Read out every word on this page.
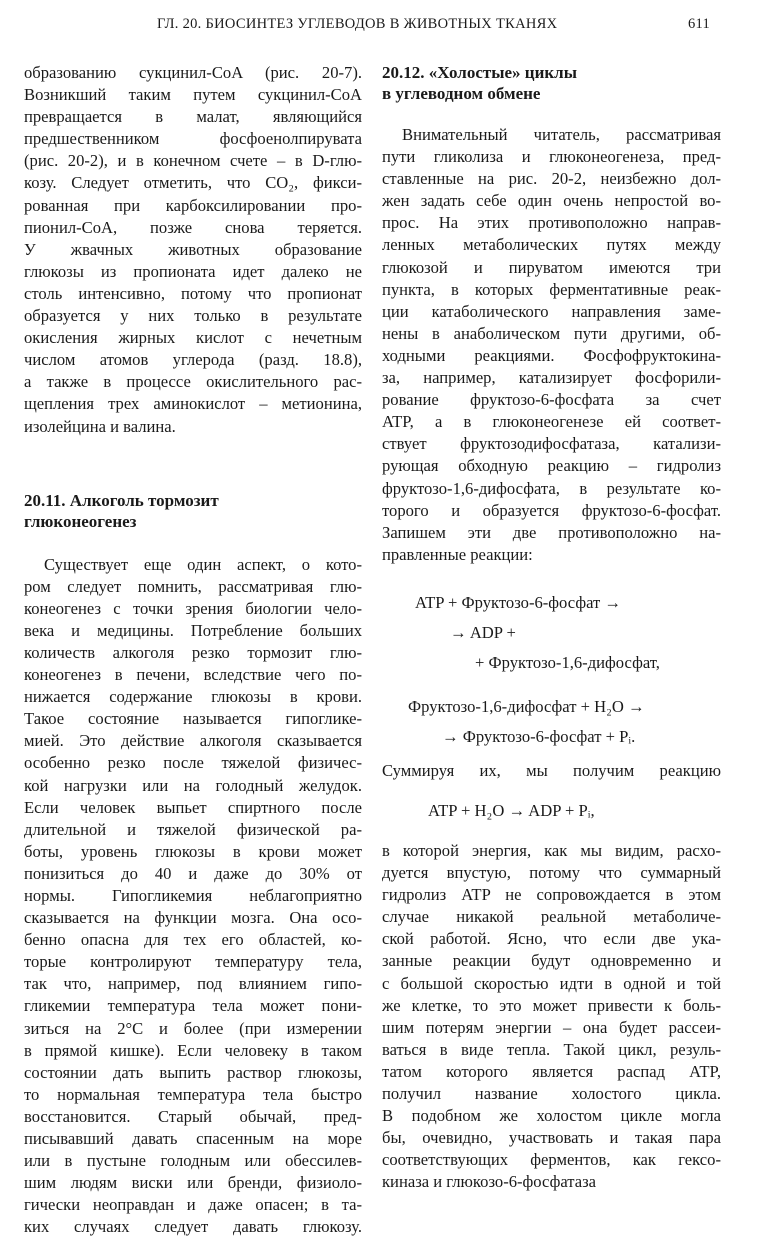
ГЛ. 20. БИОСИНТЕЗ УГЛЕВОДОВ В ЖИВОТНЫХ ТКАНЯХ	611
образованию сукцинил-CoA (рис. 20-7).
Возникший таким путем сукцинил-CoA
превращается в малат, являющийся
предшественником фосфоенолпирувата
(рис. 20-2), и в конечном счете – в D-глю-
козу. Следует отметить, что CO₂, фикси-
рованная при карбоксилировании про-
пионил-CoA, позже снова теряется.
У жвачных животных образование
глюкозы из пропионата идет далеко не
столь интенсивно, потому что пропионат
образуется у них только в результате
окисления жирных кислот с нечетным
числом атомов углерода (разд. 18.8),
а также в процессе окислительного рас-
щепления трех аминокислот – метионина,
изолейцина и валина.
20.11. Алкоголь тормозит
глюконеогенез
Существует еще один аспект, о кото-
ром следует помнить, рассматривая глю-
конеогенез с точки зрения биологии чело-
века и медицины. Потребление больших
количеств алкоголя резко тормозит глю-
конеогенез в печени, вследствие чего по-
нижается содержание глюкозы в крови.
Такое состояние называется гипоглике-
мией. Это действие алкоголя сказывается
особенно резко после тяжелой физичес-
кой нагрузки или на голодный желудок.
Если человек выпьет спиртного после
длительной и тяжелой физической ра-
боты, уровень глюкозы в крови может
понизиться до 40 и даже до 30% от
нормы. Гипогликемия неблагоприятно
сказывается на функции мозга. Она осо-
бенно опасна для тех его областей, ко-
торые контролируют температуру тела,
так что, например, под влиянием гипо-
гликемии температура тела может пони-
зиться на 2°C и более (при измерении
в прямой кишке). Если человеку в таком
состоянии дать выпить раствор глюкозы,
то нормальная температура тела быстро
восстановится. Старый обычай, пред-
писывавший давать спасенным на море
или в пустыне голодным или обессилев-
шим людям виски или бренди, физиоло-
гически неоправдан и даже опасен; в та-
ких случаях следует давать глюкозу.
20.12. «Холостые» циклы
в углеводном обмене
Внимательный читатель, рассматривая
пути гликолиза и глюконеогенеза, пред-
ставленные на рис. 20-2, неизбежно дол-
жен задать себе один очень непростой во-
прос. На этих противоположно направ-
ленных метаболических путях между
глюкозой и пируватом имеются три
пункта, в которых ферментативные реак-
ции катаболического направления заме-
нены в анаболическом пути другими, об-
ходными реакциями. Фосфофруктокина-
за, например, катализирует фосфорили-
рование фруктозо-6-фосфата за счет
ATP, а в глюконеогенезе ей соответ-
ствует фруктозодифосфатаза, катализи-
рующая обходную реакцию – гидролиз
фруктозо-1,6-дифосфата, в результате ко-
торого и образуется фруктозо-6-фосфат.
Запишем эти две противоположно на-
правленные реакции:
ATP + Фруктозо-6-фосфат →
→ ADP +
+ Фруктозо-1,6-дифосфат,
Фруктозо-1,6-дифосфат + H₂O →
→ Фруктозо-6-фосфат + Pᵢ.
Суммируя их, мы получим реакцию
ATP + H₂O → ADP + Pᵢ,
в которой энергия, как мы видим, расхо-
дуется впустую, потому что суммарный
гидролиз ATP не сопровождается в этом
случае никакой реальной метаболиче-
ской работой. Ясно, что если две ука-
занные реакции будут одновременно и
с большой скоростью идти в одной и той
же клетке, то это может привести к боль-
шим потерям энергии – она будет рассеи-
ваться в виде тепла. Такой цикл, резуль-
татом которого является распад ATP,
получил название холостого цикла.
В подобном же холостом цикле могла
бы, очевидно, участвовать и такая пара
соответствующих ферментов, как гексо-
киназа и глюкозо-6-фосфатаза
